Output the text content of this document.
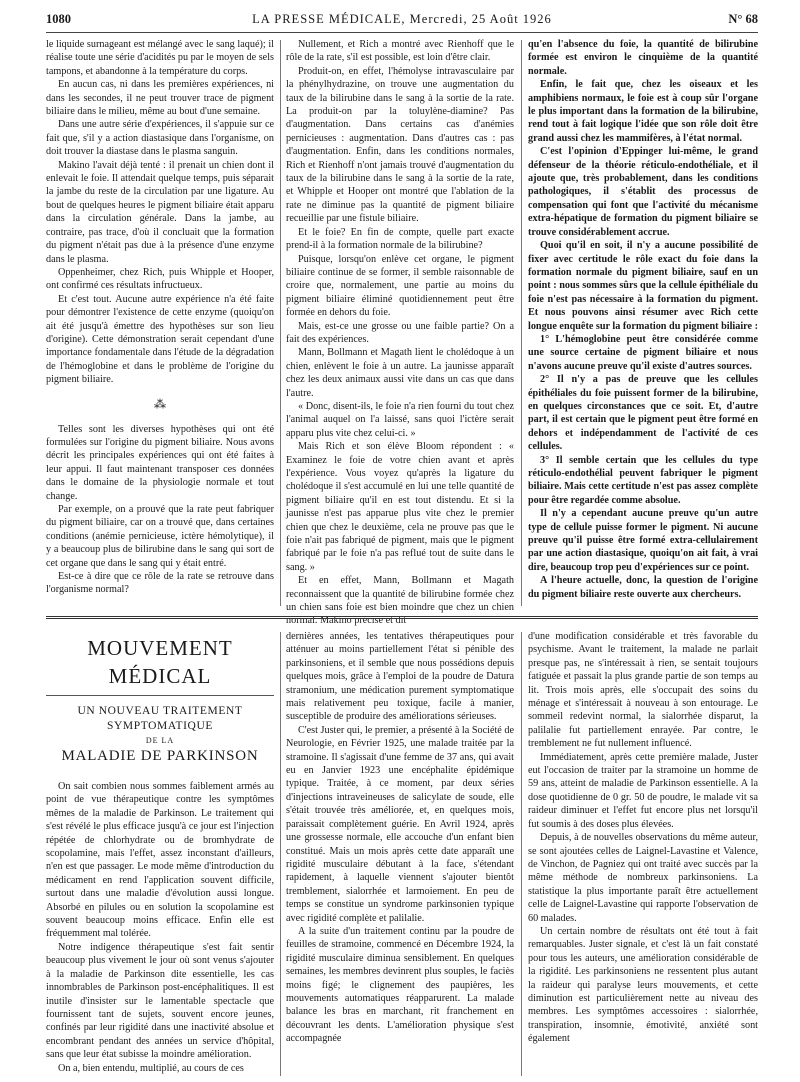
1080	LA PRESSE MÉDICALE, Mercredi, 25 Août 1926	N° 68

le liquide surnageant est mélangé avec le sang laqué); il réalise toute une série d'acidités pu par le moyen de sels tampons, et abandonne à la température du corps.

En aucun cas, ni dans les premières expériences, ni dans les secondes, il ne peut trouver trace de pigment biliaire dans le milieu, même au bout d'une semaine.

Dans une autre série d'expériences, il s'appuie sur ce fait que, s'il y a action diastasique dans l'organisme, on doit trouver la diastase dans le plasma sanguin.

Makino l'avait déjà tenté : il prenait un chien dont il enlevait le foie. Il attendait quelque temps, puis séparait la jambe du reste de la circulation par une ligature. Au bout de quelques heures le pigment biliaire était apparu dans la circulation générale. Dans la jambe, au contraire, pas trace, d'où il concluait que la formation du pigment n'était pas due à la présence d'une enzyme dans le plasma.

Oppenheimer, chez Rich, puis Whipple et Hooper, ont confirmé ces résultats infructueux.

Et c'est tout. Aucune autre expérience n'a été faite pour démontrer l'existence de cette enzyme (quoiqu'on ait été jusqu'à émettre des hypothèses sur son lieu d'origine). Cette démonstration serait cependant d'une importance fondamentale dans l'étude de la dégradation de l'hémoglobine et dans le problème de l'origine du pigment biliaire.

⁂

Telles sont les diverses hypothèses qui ont été formulées sur l'origine du pigment biliaire. Nous avons décrit les principales expériences qui ont été faites à leur appui. Il faut maintenant transposer ces données dans le domaine de la physiologie normale et tout change.

Par exemple, on a prouvé que la rate peut fabriquer du pigment biliaire, car on a trouvé que, dans certaines conditions (anémie pernicieuse, ictère hémolytique), il y a beaucoup plus de bilirubine dans le sang qui sort de cet organe que dans le sang qui y était entré.

Est-ce à dire que ce rôle de la rate se retrouve dans l'organisme normal?

Nullement, et Rich a montré avec Rienhoff que le rôle de la rate, s'il est possible, est loin d'être clair.

Produit-on, en effet, l'hémolyse intravasculaire par la phénylhydrazine, on trouve une augmentation du taux de la bilirubine dans le sang à la sortie de la rate. La produit-on par la toluylène-diamine? Pas d'augmentation. Dans certains cas d'anémies pernicieuses : augmentation. Dans d'autres cas : pas d'augmentation. Enfin, dans les conditions normales, Rich et Rienhoff n'ont jamais trouvé d'augmentation du taux de la bilirubine dans le sang à la sortie de la rate, et Whipple et Hooper ont montré que l'ablation de la rate ne diminue pas la quantité de pigment biliaire recueillie par une fistule biliaire.

Et le foie? En fin de compte, quelle part exacte prend-il à la formation normale de la bilirubine?

Puisque, lorsqu'on enlève cet organe, le pigment biliaire continue de se former, il semble raisonnable de croire que, normalement, une partie au moins du pigment biliaire éliminé quotidiennement peut être formée en dehors du foie.

Mais, est-ce une grosse ou une faible partie? On a fait des expériences.

Mann, Bollmann et Magath lient le cholédoque à un chien, enlèvent le foie à un autre. La jaunisse apparaît chez les deux animaux aussi vite dans un cas que dans l'autre.

« Donc, disent-ils, le foie n'a rien fourni du tout chez l'animal auquel on l'a laissé, sans quoi l'ictère serait apparu plus vite chez celui-ci. »

Mais Rich et son élève Bloom répondent : « Examinez le foie de votre chien avant et après l'expérience. Vous voyez qu'après la ligature du cholédoque il s'est accumulé en lui une telle quantité de pigment biliaire qu'il en est tout distendu. Et si la jaunisse n'est pas apparue plus vite chez le premier chien que chez le deuxième, cela ne prouve pas que le foie n'ait pas fabriqué de pigment, mais que le pigment fabriqué par le foie n'a pas reflué tout de suite dans le sang. »

Et en effet, Mann, Bollmann et Magath reconnaissent que la quantité de bilirubine formée chez un chien sans foie est bien moindre que chez un chien normal. Makino précise et dit

qu'en l'absence du foie, la quantité de bilirubine formée est environ le cinquième de la quantité normale.

Enfin, le fait que, chez les oiseaux et les amphibiens normaux, le foie est à coup sûr l'organe le plus important dans la formation de la bilirubine, rend tout à fait logique l'idée que son rôle doit être grand aussi chez les mammifères, à l'état normal.

C'est l'opinion d'Eppinger lui-même, le grand défenseur de la théorie réticulo-endothéliale, et il ajoute que, très probablement, dans les conditions pathologiques, il s'établit des processus de compensation qui font que l'activité du mécanisme extra-hépatique de formation du pigment biliaire se trouve considérablement accrue.

Quoi qu'il en soit, il n'y a aucune possibilité de fixer avec certitude le rôle exact du foie dans la formation normale du pigment biliaire, sauf en un point : nous sommes sûrs que la cellule épithéliale du foie n'est pas nécessaire à la formation du pigment. Et nous pouvons ainsi résumer avec Rich cette longue enquête sur la formation du pigment biliaire :

1° L'hémoglobine peut être considérée comme une source certaine de pigment biliaire et nous n'avons aucune preuve qu'il existe d'autres sources.

2° Il n'y a pas de preuve que les cellules épithéliales du foie puissent former de la bilirubine, en quelques circonstances que ce soit. Et, d'autre part, il est certain que le pigment peut être formé en dehors et indépendamment de l'activité de ces cellules.

3° Il semble certain que les cellules du type réticulo-endothélial peuvent fabriquer le pigment biliaire. Mais cette certitude n'est pas assez complète pour être regardée comme absolue.

Il n'y a cependant aucune preuve qu'un autre type de cellule puisse former le pigment. Ni aucune preuve qu'il puisse être formé extra-cellulairement par une action diastasique, quoiqu'on ait fait, à vrai dire, beaucoup trop peu d'expériences sur ce point.

A l'heure actuelle, donc, la question de l'origine du pigment biliaire reste ouverte aux chercheurs.

MOUVEMENT MÉDICAL
UN NOUVEAU TRAITEMENT SYMPTOMATIQUE
DE LA
MALADIE DE PARKINSON

On sait combien nous sommes faiblement armés au point de vue thérapeutique contre les symptômes mêmes de la maladie de Parkinson. Le traitement qui s'est révélé le plus efficace jusqu'à ce jour est l'injection répétée de chlorhydrate ou de bromhydrate de scopolamine, mais l'effet, assez inconstant d'ailleurs, n'en est que passager. Le mode même d'introduction du médicament en rend l'application souvent difficile, surtout dans une maladie d'évolution aussi longue. Absorbé en pilules ou en solution la scopolamine est souvent beaucoup moins efficace. Enfin elle est fréquemment mal tolérée.

Notre indigence thérapeutique s'est fait sentir beaucoup plus vivement le jour où sont venus s'ajouter à la maladie de Parkinson dite essentielle, les cas innombrables de Parkinson post-encéphalitiques. Il est inutile d'insister sur le lamentable spectacle que fournissent tant de sujets, souvent encore jeunes, confinés par leur rigidité dans une inactivité absolue et encombrant pendant des années un service d'hôpital, sans que leur état subisse la moindre amélioration.

On a, bien entendu, multiplié, au cours de ces

dernières années, les tentatives thérapeutiques pour atténuer au moins partiellement l'état si pénible des parkinsoniens, et il semble que nous possédions depuis quelques mois, grâce à l'emploi de la poudre de Datura stramonium, une médication purement symptomatique mais relativement peu toxique, facile à manier, susceptible de produire des améliorations sérieuses.

C'est Juster qui, le premier, a présenté à la Société de Neurologie, en Février 1925, une malade traitée par la stramoine. Il s'agissait d'une femme de 37 ans, qui avait eu en Janvier 1923 une encéphalite épidémique typique. Traitée, à ce moment, par deux séries d'injections intraveineuses de salicylate de soude, elle s'était trouvée très améliorée, et, en quelques mois, paraissait complètement guérie. En Avril 1924, après une grossesse normale, elle accouche d'un enfant bien constitué. Mais un mois après cette date apparaît une rigidité musculaire débutant à la face, s'étendant rapidement, à laquelle viennent s'ajouter bientôt tremblement, sialorrhée et larmoiement. En peu de temps se constitue un syndrome parkinsonien typique avec rigidité complète et palilalie.

A la suite d'un traitement continu par la poudre de feuilles de stramoine, commencé en Décembre 1924, la rigidité musculaire diminua sensiblement. En quelques semaines, les membres devinrent plus souples, le faciès moins figé; le clignement des paupières, les mouvements automatiques réapparurent. La malade balance les bras en marchant, rit franchement en découvrant les dents. L'amélioration physique s'est accompagnée

d'une modification considérable et très favorable du psychisme. Avant le traitement, la malade ne parlait presque pas, ne s'intéressait à rien, se sentait toujours fatiguée et passait la plus grande partie de son temps au lit. Trois mois après, elle s'occupait des soins du ménage et s'intéressait à nouveau à son entourage. Le sommeil redevint normal, la sialorrhée disparut, la palilalie fut partiellement enrayée. Par contre, le tremblement ne fut nullement influencé.

Immédiatement, après cette première malade, Juster eut l'occasion de traiter par la stramoine un homme de 59 ans, atteint de maladie de Parkinson essentielle. A la dose quotidienne de 0 gr. 50 de poudre, le malade vit sa raideur diminuer et l'effet fut encore plus net lorsqu'il fut soumis à des doses plus élevées.

Depuis, à de nouvelles observations du même auteur, se sont ajoutées celles de Laignel-Lavastine et Valence, de Vinchon, de Pagniez qui ont traité avec succès par la même méthode de nombreux parkinsoniens. La statistique la plus importante paraît être actuellement celle de Laignel-Lavastine qui rapporte l'observation de 60 malades.

Un certain nombre de résultats ont été tout à fait remarquables. Juster signale, et c'est là un fait constaté pour tous les auteurs, une amélioration considérable de la rigidité. Les parkinsoniens ne ressentent plus autant la raideur qui paralyse leurs mouvements, et cette diminution est particulièrement nette au niveau des membres. Les symptômes accessoires : sialorrhée, transpiration, insomnie, émotivité, anxiété sont également
